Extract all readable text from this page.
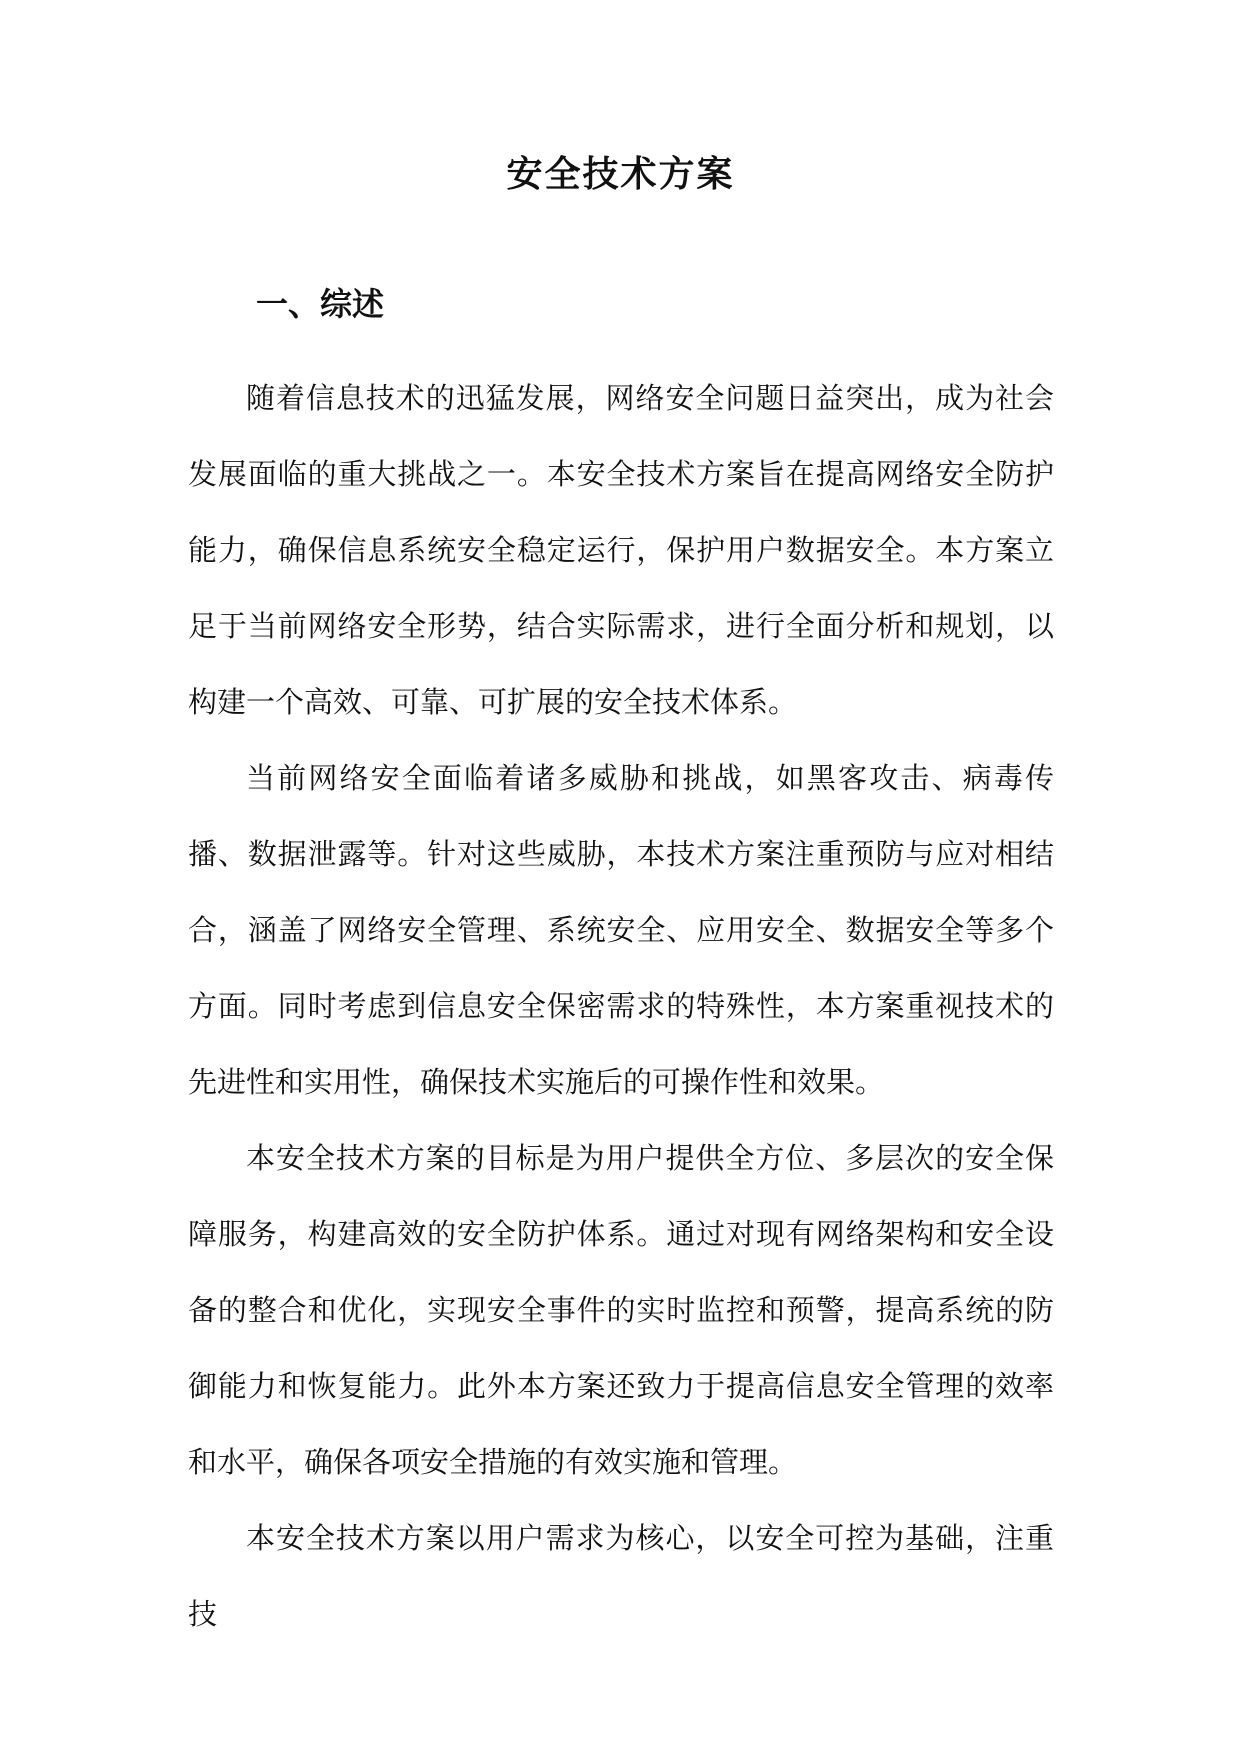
安全技术方案
一、综述

随着信息技术的迅猛发展，网络安全问题日益突出，成为社会发展面临的重大挑战之一。本安全技术方案旨在提高网络安全防护能力，确保信息系统安全稳定运行，保护用户数据安全。本方案立足于当前网络安全形势，结合实际需求，进行全面分析和规划，以构建一个高效、可靠、可扩展的安全技术体系。

当前网络安全面临着诸多威胁和挑战，如黑客攻击、病毒传播、数据泄露等。针对这些威胁，本技术方案注重预防与应对相结合，涵盖了网络安全管理、系统安全、应用安全、数据安全等多个方面。同时考虑到信息安全保密需求的特殊性，本方案重视技术的先进性和实用性，确保技术实施后的可操作性和效果。

本安全技术方案的目标是为用户提供全方位、多层次的安全保障服务，构建高效的安全防护体系。通过对现有网络架构和安全设备的整合和优化，实现安全事件的实时监控和预警，提高系统的防御能力和恢复能力。此外本方案还致力于提高信息安全管理的效率和水平，确保各项安全措施的有效实施和管理。

本安全技术方案以用户需求为核心，以安全可控为基础，注重技
